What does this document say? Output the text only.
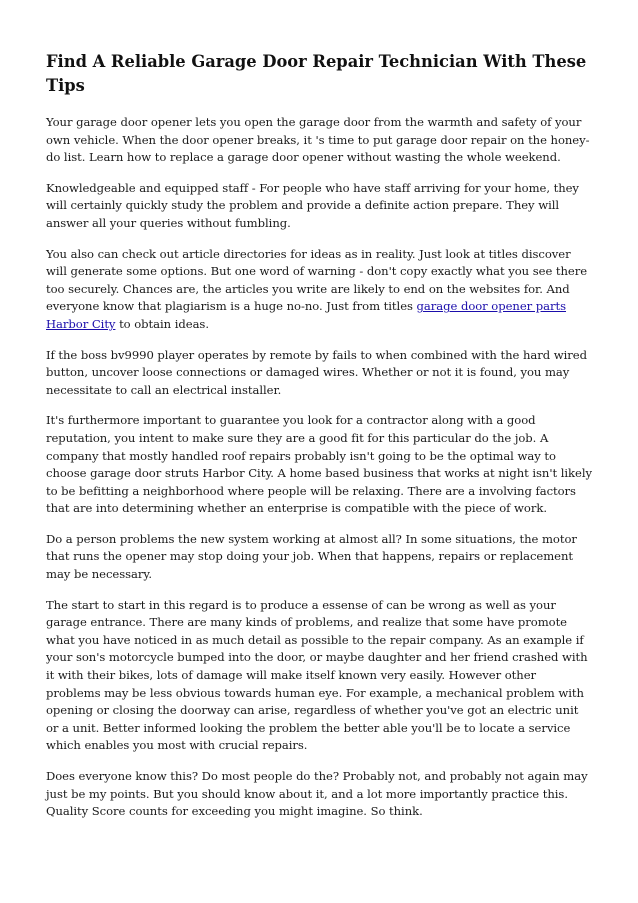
Find A Reliable Garage Door Repair Technician With These Tips

Your garage door opener lets you open the garage door from the warmth and safety of your own vehicle. When the door opener breaks, it 's time to put garage door repair on the honey-do list. Learn how to replace a garage door opener without wasting the whole weekend.

Knowledgeable and equipped staff - For people who have staff arriving for your home, they will certainly quickly study the problem and provide a definite action prepare. They will answer all your queries without fumbling.

You also can check out article directories for ideas as in reality. Just look at titles discover will generate some options. But one word of warning - don't copy exactly what you see there too securely. Chances are, the articles you write are likely to end on the websites for. And everyone know that plagiarism is a huge no-no. Just from titles garage door opener parts Harbor City to obtain ideas.

If the boss bv9990 player operates by remote by fails to when combined with the hard wired button, uncover loose connections or damaged wires. Whether or not it is found, you may necessitate to call an electrical installer.

It's furthermore important to guarantee you look for a contractor along with a good reputation, you intent to make sure they are a good fit for this particular do the job. A company that mostly handled roof repairs probably isn't going to be the optimal way to choose garage door struts Harbor City. A home based business that works at night isn't likely to be befitting a neighborhood where people will be relaxing. There are a involving factors that are into determining whether an enterprise is compatible with the piece of work.

Do a person problems the new system working at almost all? In some situations, the motor that runs the opener may stop doing your job. When that happens, repairs or replacement may be necessary.

The start to start in this regard is to produce a essense of can be wrong as well as your garage entrance. There are many kinds of problems, and realize that some have promote what you have noticed in as much detail as possible to the repair company. As an example if your son's motorcycle bumped into the door, or maybe daughter and her friend crashed with it with their bikes, lots of damage will make itself known very easily. However other problems may be less obvious towards human eye. For example, a mechanical problem with opening or closing the doorway can arise, regardless of whether you've got an electric unit or a unit. Better informed looking the problem the better able you'll be to locate a service which enables you most with crucial repairs.

Does everyone know this? Do most people do the? Probably not, and probably not again may just be my points. But you should know about it, and a lot more importantly practice this. Quality Score counts for exceeding you might imagine. So think.
